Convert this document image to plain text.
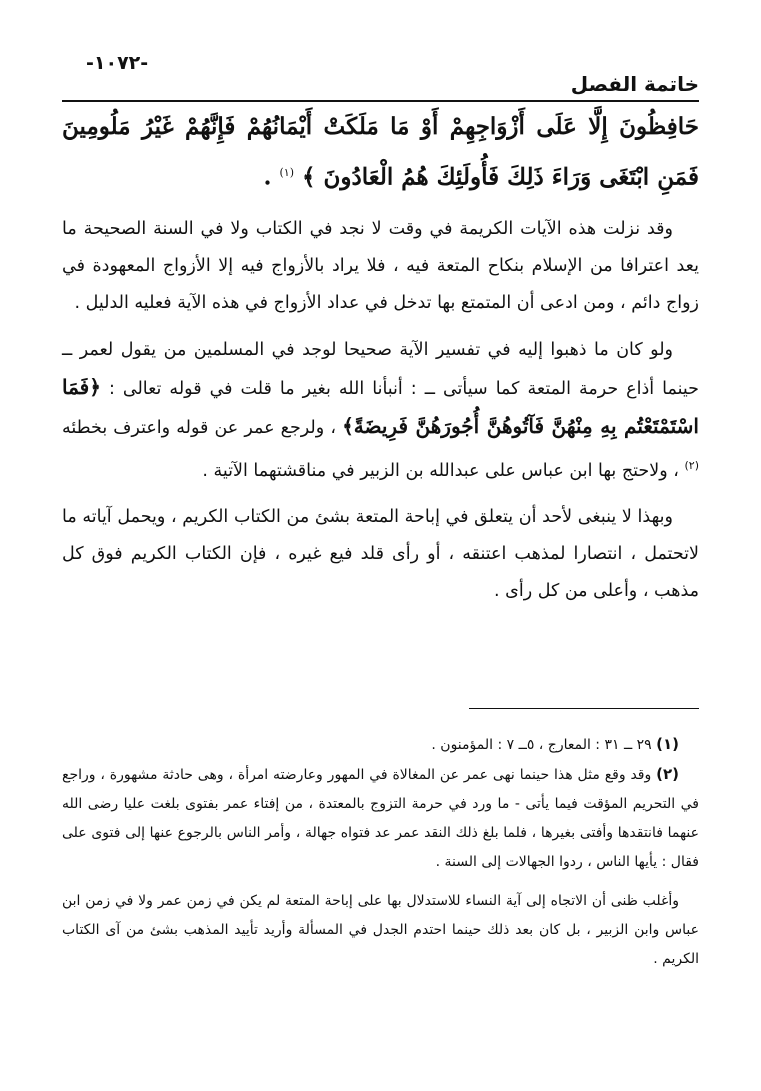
-١٠٧٢-
خاتمة الفصل

حَافِظُونَ إِلَّا عَلَى أَزْوَاجِهِمْ أَوْ مَا مَلَكَتْ أَيْمَانُهُمْ فَإِنَّهُمْ غَيْرُ مَلُومِينَ فَمَنِ ابْتَغَى وَرَاءَ ذَلِكَ فَأُولَئِكَ هُمُ الْعَادُونَ ﴾ $^{(١)}$ .

وقد نزلت هذه الآيات الكريمة في وقت لا نجد في الكتاب ولا في السنة الصحيحة ما يعد اعترافا من الإسلام بنكاح المتعة فيه ، فلا يراد بالأزواج فيه إلا الأزواج المعهودة في زواج دائم ، ومن ادعى أن المتمتع بها تدخل في عداد الأزواج في هذه الآية فعليه الدليل .

ولو كان ما ذهبوا إليه في تفسير الآية صحيحا لوجد في المسلمين من يقول لعمر ــ حينما أذاع حرمة المتعة كما سيأتى ــ : أنبأنا الله بغير ما قلت في قوله تعالى : ﴿فَمَا اسْتَمْتَعْتُم بِهِ مِنْهُنَّ فَآتُوهُنَّ أُجُورَهُنَّ فَرِيضَةً﴾ ، ولرجع عمر عن قوله واعترف بخطئه $^{(٢)}$ ، ولاحتج بها ابن عباس على عبدالله بن الزبير في مناقشتهما الآتية .

وبهذا لا ينبغى لأحد أن يتعلق في إباحة المتعة بشئ من الكتاب الكريم ، ويحمل آياته ما لاتحتمل ، انتصارا لمذهب اعتنقه ، أو رأى قلد فيع غيره ، فإن الكتاب الكريم فوق كل مذهب ، وأعلى من كل رأى .

(١) ٢٩ ــ ٣١ : المعارج ، ٥ــ ٧ : المؤمنون .

(٢) وقد وقع مثل هذا حينما نهى عمر عن المغالاة في المهور وعارضته امرأة ، وهى حادثة مشهورة ، وراجع في التحريم المؤقت فيما يأتى - ما ورد في حرمة التزوج بالمعتدة ، من إفتاء عمر بفتوى بلغت عليا رضى الله عنهما فانتقدها وأفتى بغيرها ، فلما بلغ ذلك النقد عمر عد فتواه جهالة ، وأمر الناس بالرجوع عنها إلى فتوى على فقال : يأيها الناس ، ردوا الجهالات إلى السنة .

وأغلب ظنى أن الاتجاه إلى آية النساء للاستدلال بها على إباحة المتعة لم يكن في زمن عمر ولا في زمن ابن عباس وابن الزبير ، بل كان بعد ذلك حينما احتدم الجدل في المسألة وأريد تأييد المذهب بشئ من آى الكتاب الكريم .
